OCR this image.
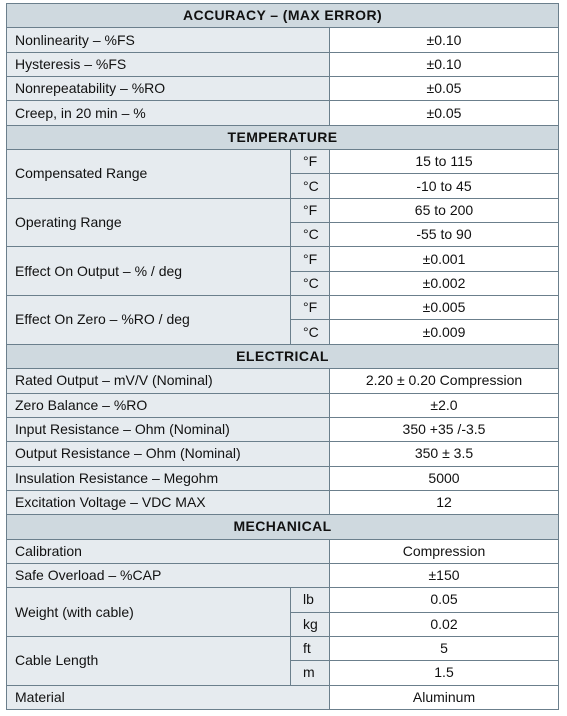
ACCURACY – (MAX ERROR)		
Nonlinearity – %FS		±0.10
Hysteresis – %FS		±0.10
Nonrepeatability – %RO		±0.05
Creep, in 20 min – %		±0.05
TEMPERATURE		
Compensated Range	°F	15 to 115
	°C	-10 to 45
Operating Range	°F	65 to 200
	°C	-55 to 90
Effect On Output – % / deg	°F	±0.001
	°C	±0.002
Effect On Zero – %RO / deg	°F	±0.005
	°C	±0.009
ELECTRICAL		
Rated Output – mV/V (Nominal)		2.20 ± 0.20 Compression
Zero Balance – %RO		±2.0
Input Resistance – Ohm (Nominal)		350 +35 /-3.5
Output Resistance – Ohm (Nominal)		350 ± 3.5
Insulation Resistance – Megohm		5000
Excitation Voltage – VDC MAX		12
MECHANICAL		
Calibration		Compression
Safe Overload – %CAP		±150
Weight (with cable)	lb	0.05
	kg	0.02
Cable Length	ft	5
	m	1.5
Material		Aluminum
